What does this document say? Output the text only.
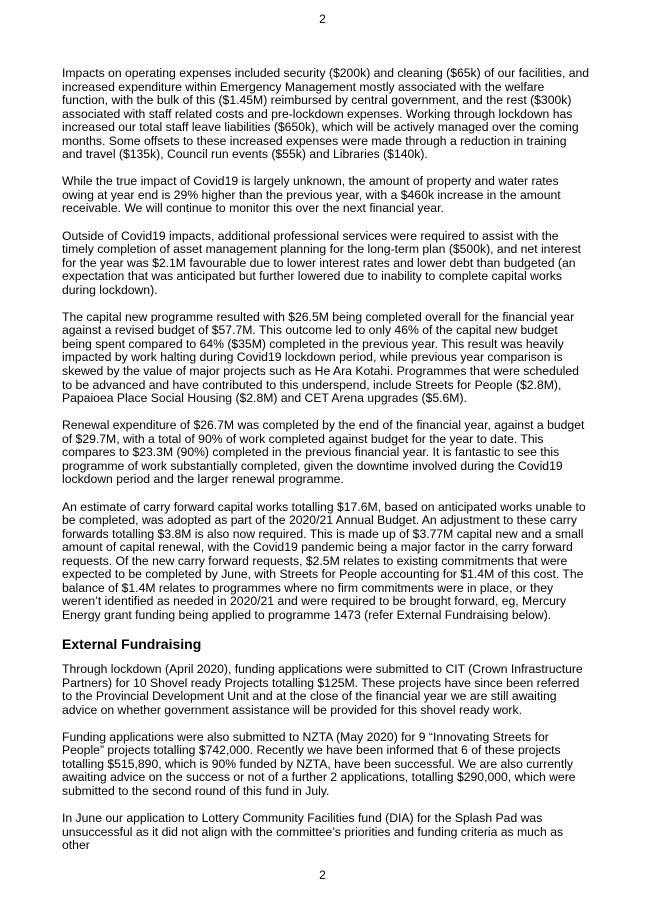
2

Impacts on operating expenses included security ($200k) and cleaning ($65k) of our facilities, and increased expenditure within Emergency Management mostly associated with the welfare function, with the bulk of this ($1.45M) reimbursed by central government, and the rest ($300k) associated with staff related costs and pre-lockdown expenses. Working through lockdown has increased our total staff leave liabilities ($650k), which will be actively managed over the coming months. Some offsets to these increased expenses were made through a reduction in training and travel ($135k), Council run events ($55k) and Libraries ($140k).

While the true impact of Covid19 is largely unknown, the amount of property and water rates owing at year end is 29% higher than the previous year, with a $460k increase in the amount receivable. We will continue to monitor this over the next financial year.

Outside of Covid19 impacts, additional professional services were required to assist with the timely completion of asset management planning for the long-term plan ($500k), and net interest for the year was $2.1M favourable due to lower interest rates and lower debt than budgeted (an expectation that was anticipated but further lowered due to inability to complete capital works during lockdown).

The capital new programme resulted with $26.5M being completed overall for the financial year against a revised budget of $57.7M. This outcome led to only 46% of the capital new budget being spent compared to 64% ($35M) completed in the previous year. This result was heavily impacted by work halting during Covid19 lockdown period, while previous year comparison is skewed by the value of major projects such as He Ara Kotahi. Programmes that were scheduled to be advanced and have contributed to this underspend, include Streets for People ($2.8M), Papaioea Place Social Housing ($2.8M) and CET Arena upgrades ($5.6M).

Renewal expenditure of $26.7M was completed by the end of the financial year, against a budget of $29.7M, with a total of 90% of work completed against budget for the year to date. This compares to $23.3M (90%) completed in the previous financial year. It is fantastic to see this programme of work substantially completed, given the downtime involved during the Covid19 lockdown period and the larger renewal programme.

An estimate of carry forward capital works totalling $17.6M, based on anticipated works unable to be completed, was adopted as part of the 2020/21 Annual Budget. An adjustment to these carry forwards totalling $3.8M is also now required. This is made up of $3.77M capital new and a small amount of capital renewal, with the Covid19 pandemic being a major factor in the carry forward requests. Of the new carry forward requests, $2.5M relates to existing commitments that were expected to be completed by June, with Streets for People accounting for $1.4M of this cost. The balance of $1.4M relates to programmes where no firm commitments were in place, or they weren’t identified as needed in 2020/21 and were required to be brought forward, eg, Mercury Energy grant funding being applied to programme 1473 (refer External Fundraising below).

External Fundraising

Through lockdown (April 2020), funding applications were submitted to CIT (Crown Infrastructure Partners) for 10 Shovel ready Projects totalling $125M. These projects have since been referred to the Provincial Development Unit and at the close of the financial year we are still awaiting advice on whether government assistance will be provided for this shovel ready work.

Funding applications were also submitted to NZTA (May 2020) for 9 “Innovating Streets for People” projects totalling $742,000. Recently we have been informed that 6 of these projects totalling $515,890, which is 90% funded by NZTA, have been successful. We are also currently awaiting advice on the success or not of a further 2 applications, totalling $290,000, which were submitted to the second round of this fund in July.

In June our application to Lottery Community Facilities fund (DIA) for the Splash Pad was unsuccessful as it did not align with the committee’s priorities and funding criteria as much as other

2
